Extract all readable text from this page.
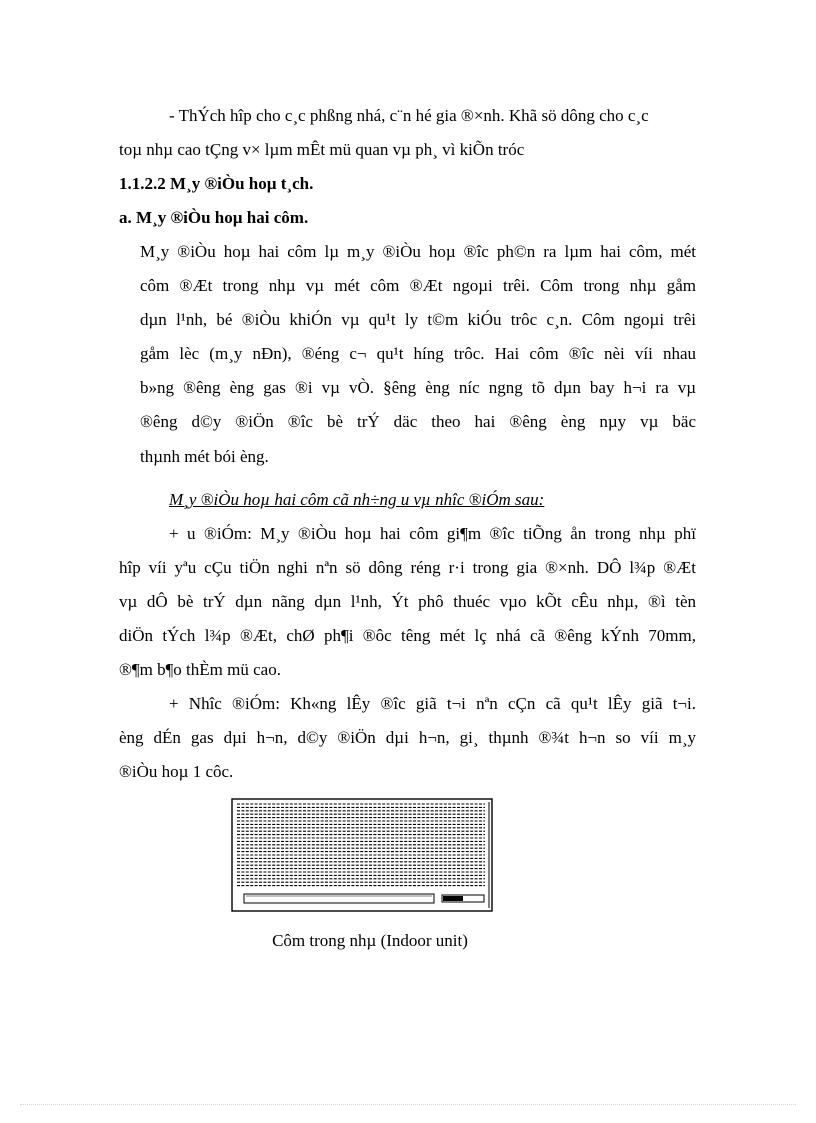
- ThÝch hîp cho c¸c phßng nhá, c¨n hé gia ®×nh. Khã sö dông cho c¸c
toµ nhµ cao tÇng v× lµm mÊt mü quan vµ ph¸ vì kiÕn tróc
1.1.2.2 M¸y ®iÒu hoµ t¸ch.
a. M¸y ®iÒu hoµ hai côm.
M¸y ®iÒu hoµ hai côm lµ m¸y ®iÒu hoµ ®îc ph©n ra lµm hai côm, mét
côm ®Æt trong nhµ vµ mét côm ®Æt ngoµi trêi. Côm trong nhµ gåm
dµn l¹nh, bé ®iÒu khiÓn vµ qu¹t ly t©m kiÓu trôc c¸n. Côm ngoµi trêi
gåm lèc (m¸y nÐn), ®éng c¬ qu¹t híng trôc. Hai côm ®îc nèi víi nhau
b»ng ®êng èng gas ®i vµ vÒ. §êng èng níc ngng tõ dµn bay h¬i ra vµ
®êng d©y ®iÖn ®îc bè trÝ däc theo hai ®êng èng nµy vµ bäc
thµnh mét bói èng.
M¸y ®iÒu hoµ hai côm cã nh÷ng u vµ nhîc ®iÓm sau:
+ u ®iÓm: M¸y ®iÒu hoµ hai côm gi¶m ®îc tiÕng ån trong nhµ phï
hîp víi yªu cÇu tiÖn nghi nªn sö dông réng r·i trong gia ®×nh. DÔ l¾p ®Æt
vµ dÔ bè trÝ dµn nãng dµn l¹nh, Ýt phô thuéc vµo kÕt cÊu nhµ, ®ì tèn
diÖn tÝch l¾p ®Æt, chØ ph¶i ®ôc têng mét lç nhá cã ®êng kÝnh 70mm,
®¶m b¶o thÈm mü cao.
+ Nhîc ®iÓm: Kh«ng lÊy ®îc giã t¬i nªn cÇn cã qu¹t lÊy giã t¬i.
èng dÉn gas dµi h¬n, d©y ®iÖn dµi h¬n, gi¸ thµnh ®¾t h¬n so víi m¸y
®iÒu hoµ 1 côc.
Côm trong nhµ (Indoor unit)
